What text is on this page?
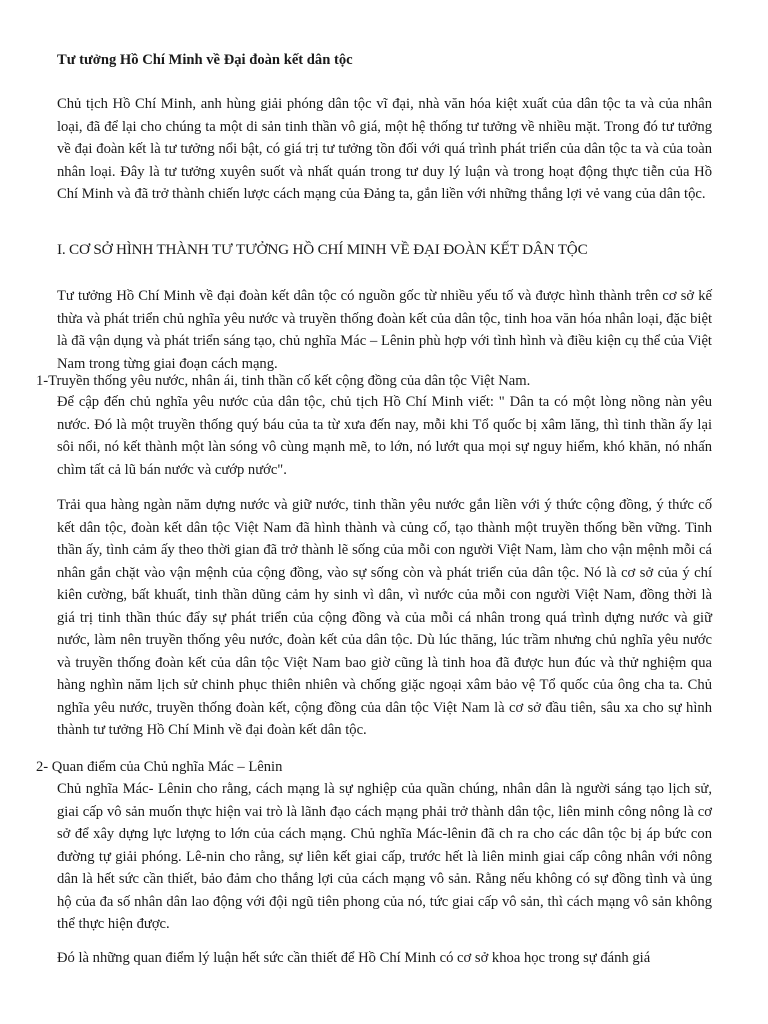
Tư tưởng Hồ Chí Minh về Đại đoàn kết dân tộc

Chủ tịch Hồ Chí Minh, anh hùng giải phóng dân tộc vĩ đại, nhà văn hóa kiệt xuất của dân tộc ta và của nhân loại, đã để lại cho chúng ta một di sản tinh thần vô giá, một hệ thống tư tưởng về nhiều mặt. Trong đó tư tưởng về đại đoàn kết là tư tưởng nổi bật, có giá trị tư tưởng tồn đối với quá trình phát triển của dân tộc ta và của toàn nhân loại. Đây là tư tưởng xuyên suốt và nhất quán trong tư duy lý luận và trong hoạt động thực tiễn của Hồ Chí Minh và đã trở thành chiến lược cách mạng của Đảng ta, gắn liền với những thắng lợi vẻ vang của dân tộc.

I. CƠ SỞ HÌNH THÀNH TƯ TƯỞNG HỒ CHÍ MINH VỀ ĐẠI ĐOÀN KẾT DÂN TỘC

Tư tưởng Hồ Chí Minh về đại đoàn kết dân tộc có nguồn gốc từ nhiều yếu tố và được hình thành trên cơ sở kế thừa và phát triển chủ nghĩa yêu nước và truyền thống đoàn kết của dân tộc, tinh hoa văn hóa nhân loại, đặc biệt là đã vận dụng và phát triển sáng tạo, chủ nghĩa Mác – Lênin phù hợp với tình hình và điều kiện cụ thể của Việt Nam trong từng giai đoạn cách mạng.

1-Truyền thống yêu nước, nhân ái, tinh thần cố kết cộng đồng của dân tộc Việt Nam.

Để cập đến chủ nghĩa yêu nước của dân tộc, chủ tịch Hồ Chí Minh viết: " Dân ta có một lòng nồng nàn yêu nước. Đó là một truyền thống quý báu của ta từ xưa đến nay, mỗi khi Tổ quốc bị xâm lăng, thì tinh thần ấy lại sôi nổi, nó kết thành một làn sóng vô cùng mạnh mẽ, to lớn, nó lướt qua mọi sự nguy hiểm, khó khăn, nó nhấn chìm tất cả lũ bán nước và cướp nước".

Trải qua hàng ngàn năm dựng nước và giữ nước, tinh thần yêu nước gắn liền với ý thức cộng đồng, ý thức cố kết dân tộc, đoàn kết dân tộc Việt Nam đã hình thành và củng cố, tạo thành một truyền thống bền vững. Tinh thần ấy, tình cảm ấy theo thời gian đã trở thành lẽ sống của mỗi con người Việt Nam, làm cho vận mệnh mỗi cá nhân gắn chặt vào vận mệnh của cộng đồng, vào sự sống còn và phát triển của dân tộc. Nó là cơ sở của ý chí kiên cường, bất khuất, tinh thần dũng cảm hy sinh vì dân, vì nước của mỗi con người Việt Nam, đồng thời là giá trị tinh thần thúc đẩy sự phát triển của cộng đồng và của mỗi cá nhân trong quá trình dựng nước và giữ nước, làm nên truyền thống yêu nước, đoàn kết của dân tộc. Dù lúc thăng, lúc trầm nhưng chủ nghĩa yêu nước và truyền thống đoàn kết của dân tộc Việt Nam bao giờ cũng là tinh hoa đã được hun đúc và thử nghiệm qua hàng nghìn năm lịch sử chinh phục thiên nhiên và chống giặc ngoại xâm bảo vệ Tổ quốc của ông cha ta. Chủ nghĩa yêu nước, truyền thống đoàn kết, cộng đồng của dân tộc Việt Nam là cơ sở đầu tiên, sâu xa cho sự hình thành tư tưởng Hồ Chí Minh về đại đoàn kết dân tộc.

2- Quan điểm của Chủ nghĩa Mác – Lênin

Chủ nghĩa Mác- Lênin cho rằng, cách mạng là sự nghiệp của quần chúng, nhân dân là người sáng tạo lịch sử, giai cấp vô sản muốn thực hiện vai trò là lãnh đạo cách mạng phải trở thành dân tộc, liên minh công nông là cơ sở để xây dựng lực lượng to lớn của cách mạng. Chủ nghĩa Mác-lênin đã ch ra cho các dân tộc bị áp bức con đường tự giải phóng. Lê-nin cho rằng, sự liên kết giai cấp, trước hết là liên minh giai cấp công nhân với nông dân là hết sức cần thiết, bảo đảm cho thắng lợi của cách mạng vô sản. Rằng nếu không có sự đồng tình và ủng hộ của đa số nhân dân lao động với đội ngũ tiên phong của nó, tức giai cấp vô sản, thì cách mạng vô sản không thể thực hiện được.

Đó là những quan điểm lý luận hết sức cần thiết để Hồ Chí Minh có cơ sở khoa học trong sự đánh giá
